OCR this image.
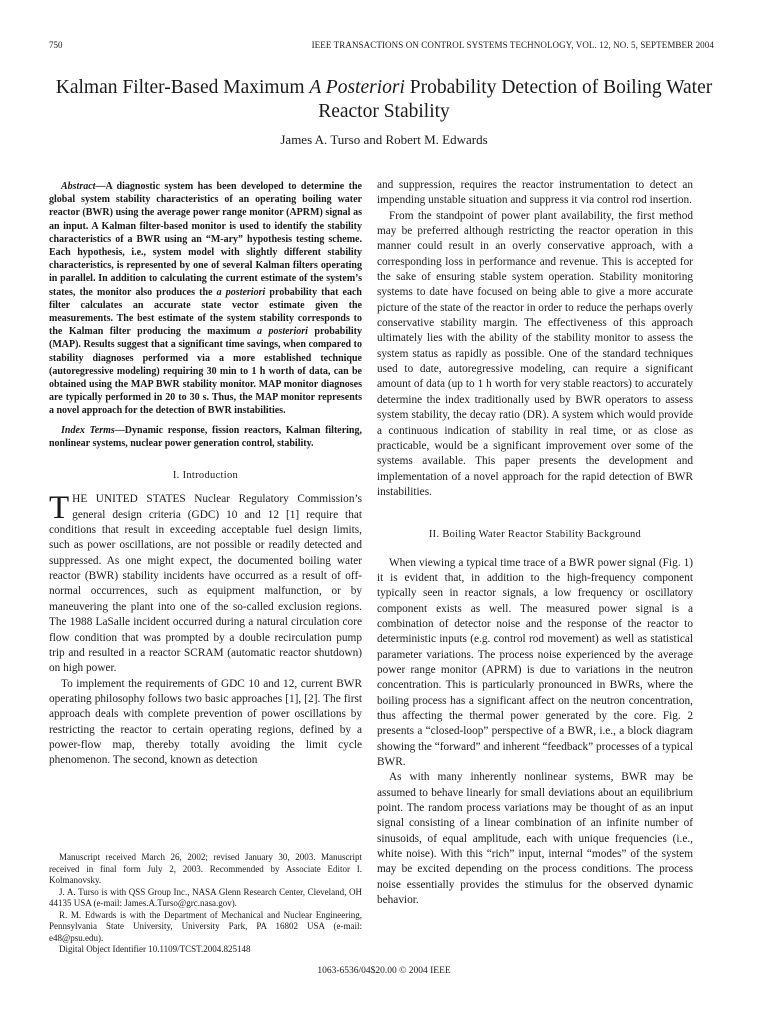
750	IEEE TRANSACTIONS ON CONTROL SYSTEMS TECHNOLOGY, VOL. 12, NO. 5, SEPTEMBER 2004
Kalman Filter-Based Maximum A Posteriori Probability Detection of Boiling Water Reactor Stability
James A. Turso and Robert M. Edwards

Abstract—A diagnostic system has been developed to determine the global system stability characteristics of an operating boiling water reactor (BWR) using the average power range monitor (APRM) signal as an input. A Kalman filter-based monitor is used to identify the stability characteristics of a BWR using an “M-ary” hypothesis testing scheme. Each hypothesis, i.e., system model with slightly different stability characteristics, is represented by one of several Kalman filters operating in parallel. In addition to calculating the current estimate of the system’s states, the monitor also produces the a posteriori probability that each filter calculates an accurate state vector estimate given the measurements. The best estimate of the system stability corresponds to the Kalman filter producing the maximum a posteriori probability (MAP). Results suggest that a significant time savings, when compared to stability diagnoses performed via a more established technique (autoregressive modeling) requiring 30 min to 1 h worth of data, can be obtained using the MAP BWR stability monitor. MAP monitor diagnoses are typically performed in 20 to 30 s. Thus, the MAP monitor represents a novel approach for the detection of BWR instabilities.

Index Terms—Dynamic response, fission reactors, Kalman filtering, nonlinear systems, nuclear power generation control, stability.

I. Introduction

THE UNITED STATES Nuclear Regulatory Commission’s general design criteria (GDC) 10 and 12 [1] require that conditions that result in exceeding acceptable fuel design limits, such as power oscillations, are not possible or readily detected and suppressed. As one might expect, the documented boiling water reactor (BWR) stability incidents have occurred as a result of off-normal occurrences, such as equipment malfunction, or by maneuvering the plant into one of the so-called exclusion regions. The 1988 LaSalle incident occurred during a natural circulation core flow condition that was prompted by a double recirculation pump trip and resulted in a reactor SCRAM (automatic reactor shutdown) on high power.

To implement the requirements of GDC 10 and 12, current BWR operating philosophy follows two basic approaches [1], [2]. The first approach deals with complete prevention of power oscillations by restricting the reactor to certain operating regions, defined by a power-flow map, thereby totally avoiding the limit cycle phenomenon. The second, known as detection

and suppression, requires the reactor instrumentation to detect an impending unstable situation and suppress it via control rod insertion.

From the standpoint of power plant availability, the first method may be preferred although restricting the reactor operation in this manner could result in an overly conservative approach, with a corresponding loss in performance and revenue. This is accepted for the sake of ensuring stable system operation. Stability monitoring systems to date have focused on being able to give a more accurate picture of the state of the reactor in order to reduce the perhaps overly conservative stability margin. The effectiveness of this approach ultimately lies with the ability of the stability monitor to assess the system status as rapidly as possible. One of the standard techniques used to date, autoregressive modeling, can require a significant amount of data (up to 1 h worth for very stable reactors) to accurately determine the index traditionally used by BWR operators to assess system stability, the decay ratio (DR). A system which would provide a continuous indication of stability in real time, or as close as practicable, would be a significant improvement over some of the systems available. This paper presents the development and implementation of a novel approach for the rapid detection of BWR instabilities.

II. Boiling Water Reactor Stability Background

When viewing a typical time trace of a BWR power signal (Fig. 1) it is evident that, in addition to the high-frequency component typically seen in reactor signals, a low frequency or oscillatory component exists as well. The measured power signal is a combination of detector noise and the response of the reactor to deterministic inputs (e.g. control rod movement) as well as statistical parameter variations. The process noise experienced by the average power range monitor (APRM) is due to variations in the neutron concentration. This is particularly pronounced in BWRs, where the boiling process has a significant affect on the neutron concentration, thus affecting the thermal power generated by the core. Fig. 2 presents a “closed-loop” perspective of a BWR, i.e., a block diagram showing the “forward” and inherent “feedback” processes of a typical BWR.

As with many inherently nonlinear systems, BWR may be assumed to behave linearly for small deviations about an equilibrium point. The random process variations may be thought of as an input signal consisting of a linear combination of an infinite number of sinusoids, of equal amplitude, each with unique frequencies (i.e., white noise). With this “rich” input, internal “modes” of the system may be excited depending on the process conditions. The process noise essentially provides the stimulus for the observed dynamic behavior.

Manuscript received March 26, 2002; revised January 30, 2003. Manuscript received in final form July 2, 2003. Recommended by Associate Editor I. Kolmanovsky.

J. A. Turso is with QSS Group Inc., NASA Glenn Research Center, Cleveland, OH 44135 USA (e-mail: James.A.Turso@grc.nasa.gov).

R. M. Edwards is with the Department of Mechanical and Nuclear Engineering, Pennsylvania State University, University Park, PA 16802 USA (e-mail: e48@psu.edu).

Digital Object Identifier 10.1109/TCST.2004.825148

1063-6536/04$20.00 © 2004 IEEE
